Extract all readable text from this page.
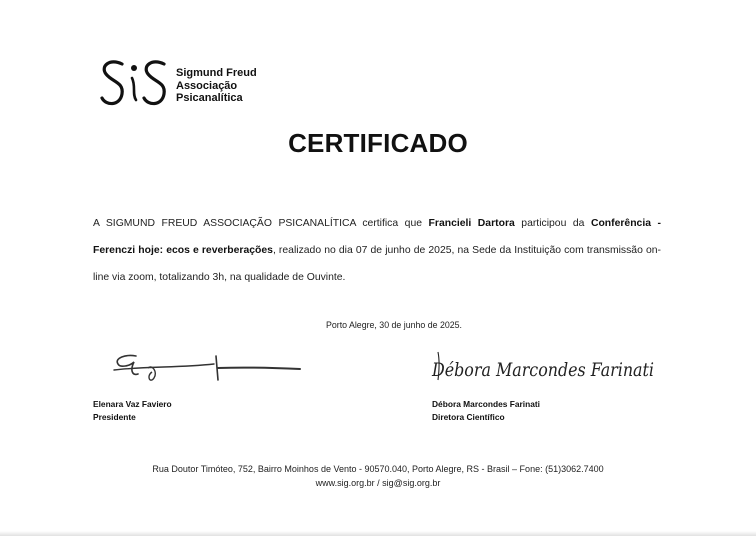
Sigmund Freud
Associação
Psicanalítica
CERTIFICADO
A SIGMUND FREUD ASSOCIAÇÃO PSICANALÍTICA certifica que Francieli Dartora participou da Conferência - Ferenczi hoje: ecos e reverberações, realizado no dia 07 de junho de 2025, na Sede da Instituição com transmissão on-line via zoom, totalizando 3h, na qualidade de Ouvinte.
Porto Alegre, 30 de junho de 2025.
Débora Marcondes Farinati
Elenara Vaz Faviero
Presidente
Débora Marcondes Farinati
Diretora Científico
Rua Doutor Timóteo, 752, Bairro Moinhos de Vento - 90570.040, Porto Alegre, RS - Brasil – Fone: (51)3062.7400
www.sig.org.br / sig@sig.org.br
